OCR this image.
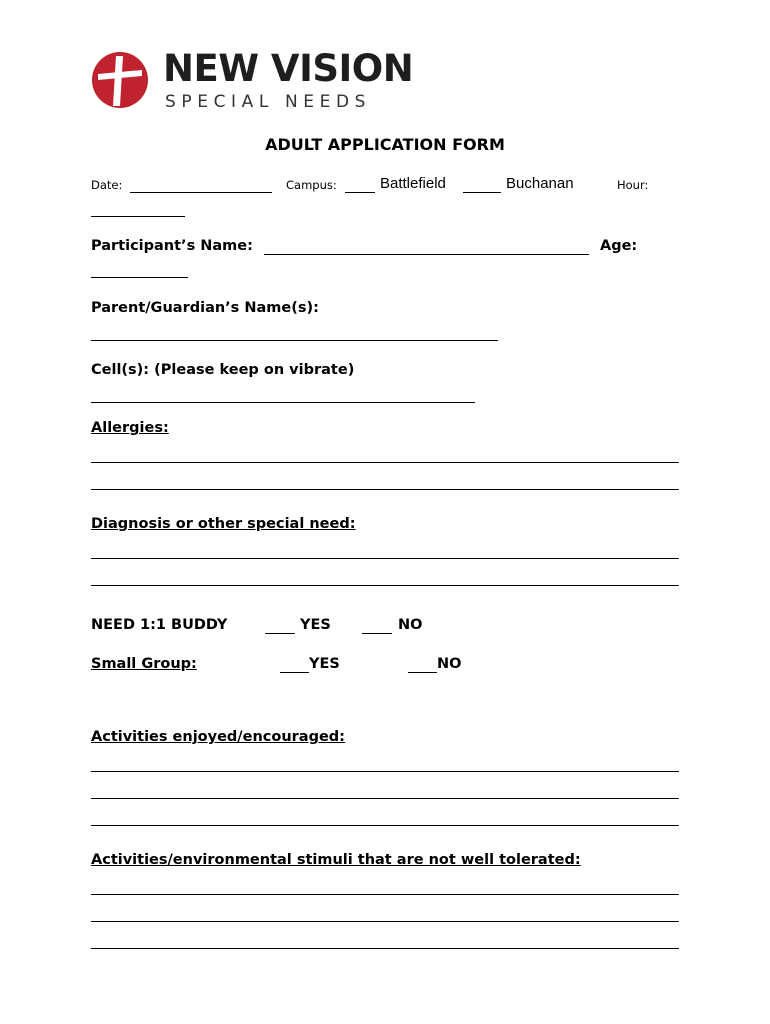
NEW VISION
SPECIAL NEEDS
ADULT APPLICATION FORM
Date:	Campus:	Battlefield	Buchanan	Hour:
Participant’s Name:	Age:
Parent/Guardian’s Name(s):
Cell(s): (Please keep on vibrate)
Allergies:
Diagnosis or other special need:
NEED 1:1 BUDDY	YES	NO
Small Group:	YES	NO
Activities enjoyed/encouraged:
Activities/environmental stimuli that are not well tolerated:
